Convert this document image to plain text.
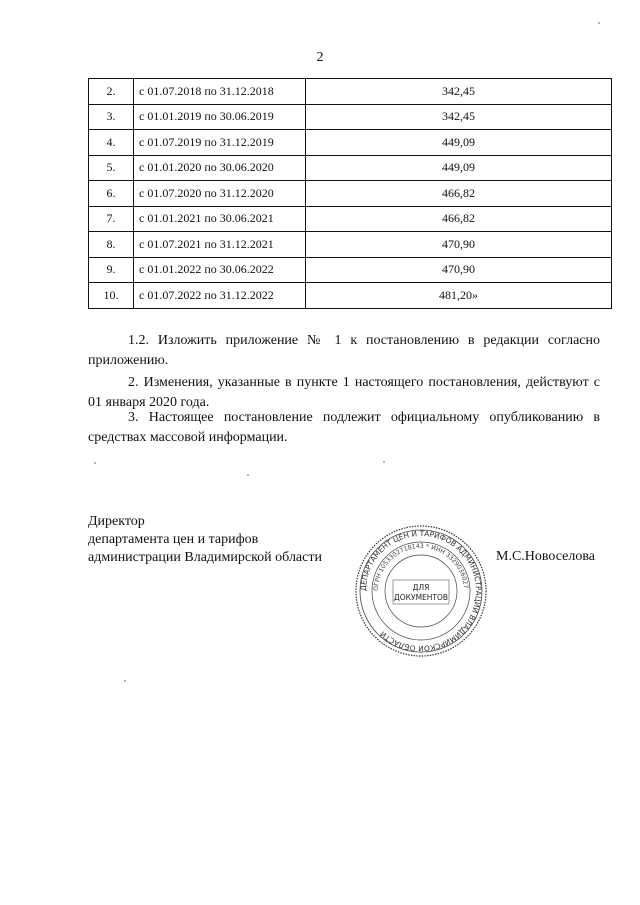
2
2.	с 01.07.2018 по 31.12.2018	342,45
3.	с 01.01.2019 по 30.06.2019	342,45
4.	с 01.07.2019 по 31.12.2019	449,09
5.	с 01.01.2020 по 30.06.2020	449,09
6.	с 01.07.2020 по 31.12.2020	466,82
7.	с 01.01.2021 по 30.06.2021	466,82
8.	с 01.07.2021 по 31.12.2021	470,90
9.	с 01.01.2022 по 30.06.2022	470,90
10.	с 01.07.2022 по 31.12.2022	481,20»
1.2. Изложить приложение № 1 к постановлению в редакции согласно приложению.
2. Изменения, указанные в пункте 1 настоящего постановления, действуют с 01 января 2020 года.
3. Настоящее постановление подлежит официальному опубликованию в средствах массовой информации.
Директор
департамента цен и тарифов
администрации Владимирской области	М.С.Новоселова
ДЕПАРТАМЕНТ ЦЕН И ТАРИФОВ АДМИНИСТРАЦИИ ВЛАДИМИРСКОЙ ОБЛАСТИ
ОГРН 1053302718143 * ИНН 3329036027
ДЛЯ
ДОКУМЕНТОВ
